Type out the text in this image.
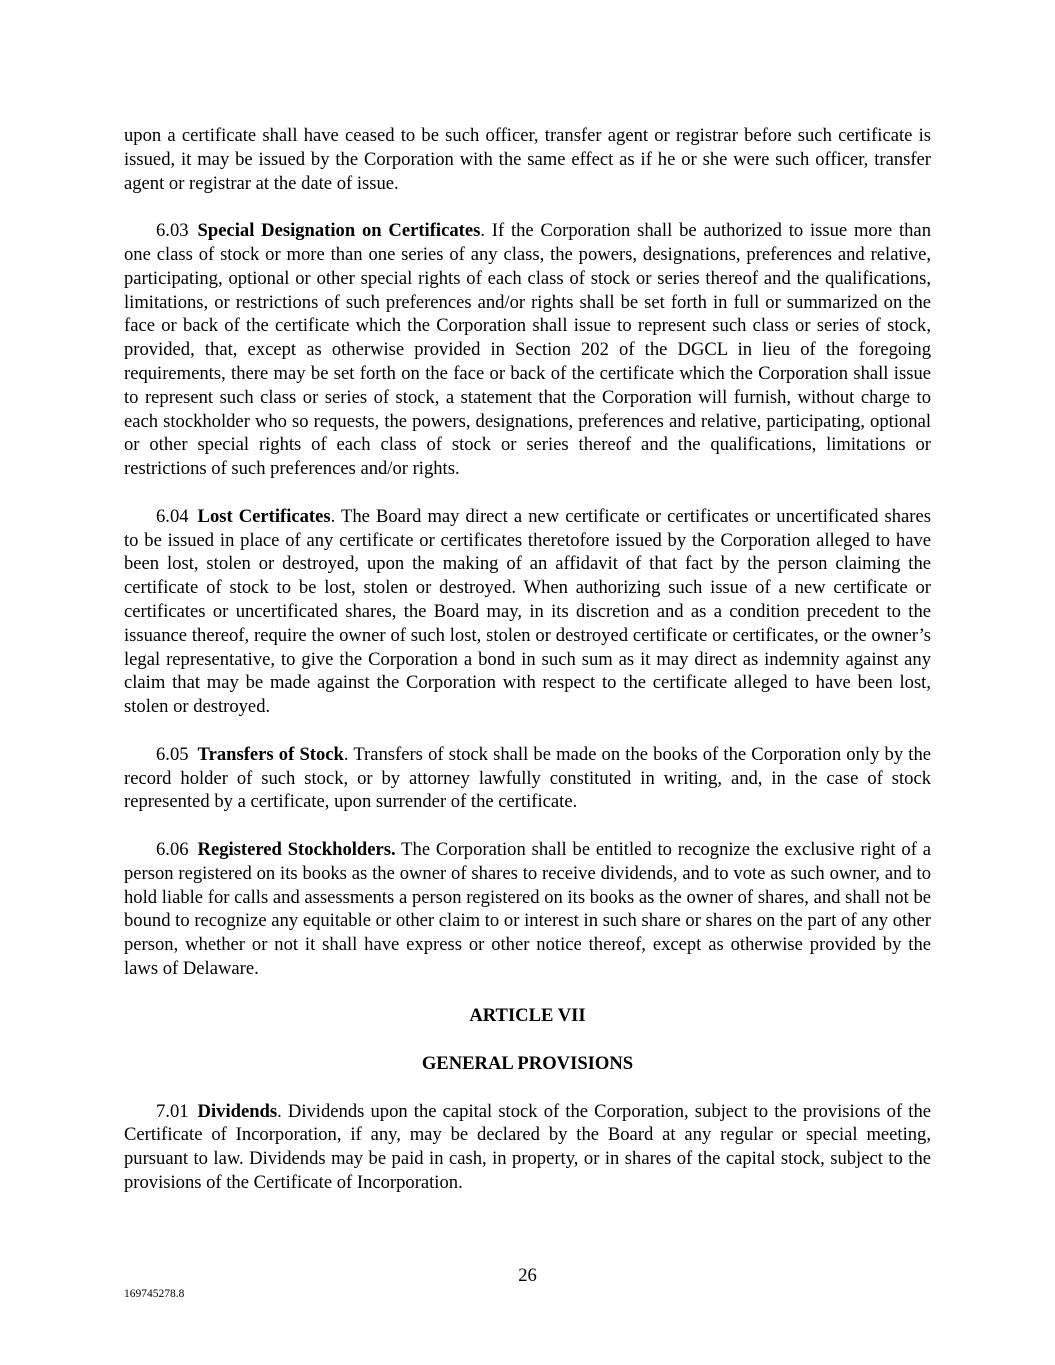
upon a certificate shall have ceased to be such officer, transfer agent or registrar before such certificate is issued, it may be issued by the Corporation with the same effect as if he or she were such officer, transfer agent or registrar at the date of issue.

6.03 Special Designation on Certificates. If the Corporation shall be authorized to issue more than one class of stock or more than one series of any class, the powers, designations, preferences and relative, participating, optional or other special rights of each class of stock or series thereof and the qualifications, limitations, or restrictions of such preferences and/or rights shall be set forth in full or summarized on the face or back of the certificate which the Corporation shall issue to represent such class or series of stock, provided, that, except as otherwise provided in Section 202 of the DGCL in lieu of the foregoing requirements, there may be set forth on the face or back of the certificate which the Corporation shall issue to represent such class or series of stock, a statement that the Corporation will furnish, without charge to each stockholder who so requests, the powers, designations, preferences and relative, participating, optional or other special rights of each class of stock or series thereof and the qualifications, limitations or restrictions of such preferences and/or rights.

6.04 Lost Certificates. The Board may direct a new certificate or certificates or uncertificated shares to be issued in place of any certificate or certificates theretofore issued by the Corporation alleged to have been lost, stolen or destroyed, upon the making of an affidavit of that fact by the person claiming the certificate of stock to be lost, stolen or destroyed. When authorizing such issue of a new certificate or certificates or uncertificated shares, the Board may, in its discretion and as a condition precedent to the issuance thereof, require the owner of such lost, stolen or destroyed certificate or certificates, or the owner’s legal representative, to give the Corporation a bond in such sum as it may direct as indemnity against any claim that may be made against the Corporation with respect to the certificate alleged to have been lost, stolen or destroyed.

6.05 Transfers of Stock. Transfers of stock shall be made on the books of the Corporation only by the record holder of such stock, or by attorney lawfully constituted in writing, and, in the case of stock represented by a certificate, upon surrender of the certificate.

6.06 Registered Stockholders. The Corporation shall be entitled to recognize the exclusive right of a person registered on its books as the owner of shares to receive dividends, and to vote as such owner, and to hold liable for calls and assessments a person registered on its books as the owner of shares, and shall not be bound to recognize any equitable or other claim to or interest in such share or shares on the part of any other person, whether or not it shall have express or other notice thereof, except as otherwise provided by the laws of Delaware.

ARTICLE VII
GENERAL PROVISIONS

7.01 Dividends. Dividends upon the capital stock of the Corporation, subject to the provisions of the Certificate of Incorporation, if any, may be declared by the Board at any regular or special meeting, pursuant to law. Dividends may be paid in cash, in property, or in shares of the capital stock, subject to the provisions of the Certificate of Incorporation.

26
169745278.8
